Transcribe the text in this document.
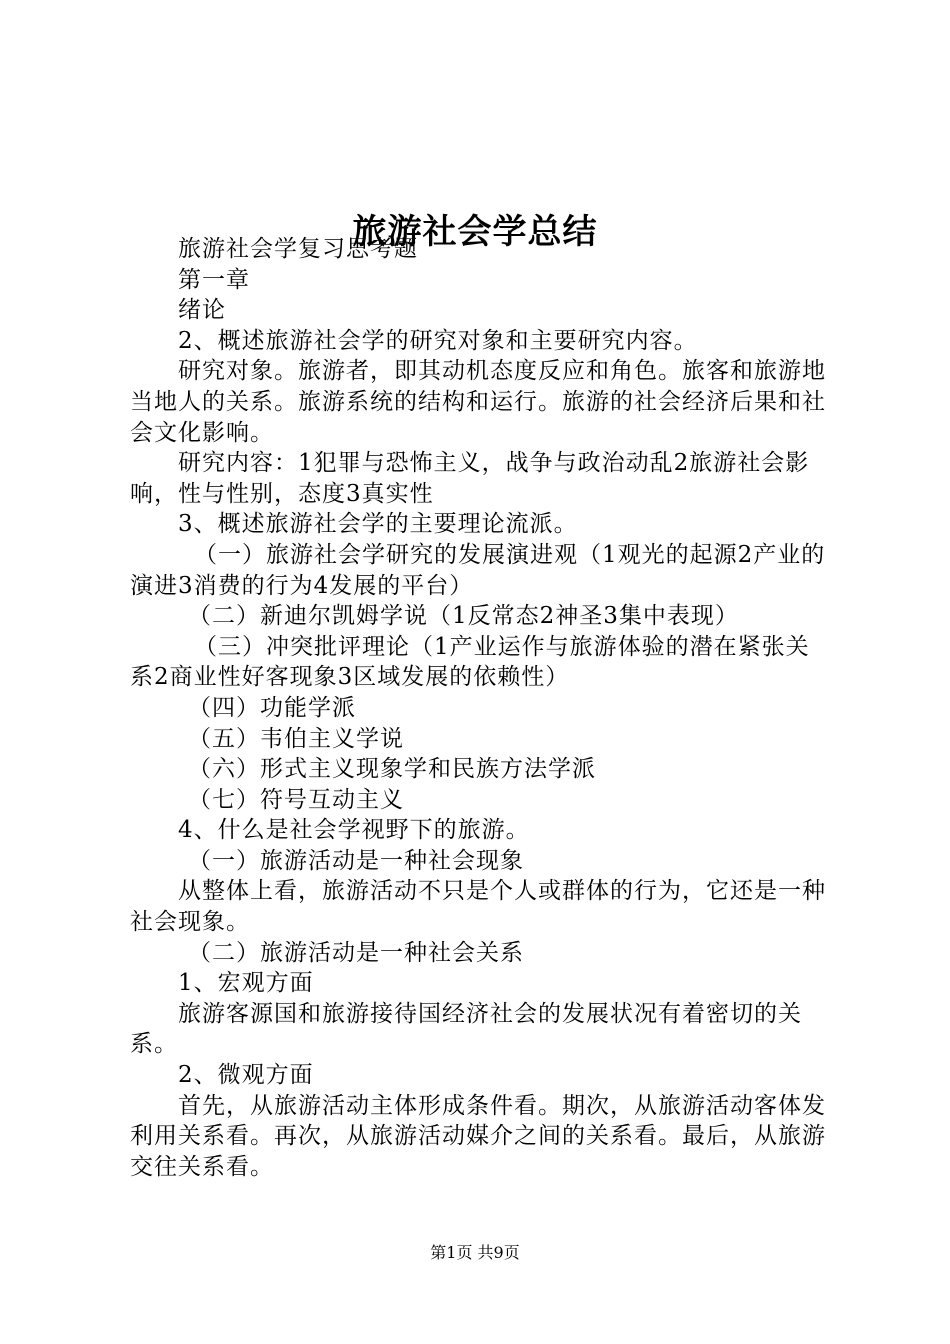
旅游社会学总结

旅游社会学复习思考题

第一章

绪论

2、概述旅游社会学的研究对象和主要研究内容。

研究对象。旅游者，即其动机态度反应和角色。旅客和旅游地当地人的关系。旅游系统的结构和运行。旅游的社会经济后果和社会文化影响。

研究内容：1犯罪与恐怖主义，战争与政治动乱2旅游社会影响，性与性别，态度3真实性

3、概述旅游社会学的主要理论流派。

（一）旅游社会学研究的发展演进观（1观光的起源2产业的演进3消费的行为4发展的平台）

（二）新迪尔凯姆学说（1反常态2神圣3集中表现）

（三）冲突批评理论（1产业运作与旅游体验的潜在紧张关系2商业性好客现象3区域发展的依赖性）

（四）功能学派

（五）韦伯主义学说

（六）形式主义现象学和民族方法学派

（七）符号互动主义

4、什么是社会学视野下的旅游。

（一）旅游活动是一种社会现象

从整体上看，旅游活动不只是个人或群体的行为，它还是一种社会现象。

（二）旅游活动是一种社会关系

1、宏观方面

旅游客源国和旅游接待国经济社会的发展状况有着密切的关系。

2、微观方面

首先，从旅游活动主体形成条件看。期次，从旅游活动客体发利用关系看。再次，从旅游活动媒介之间的关系看。最后，从旅游交往关系看。

第1页 共9页
